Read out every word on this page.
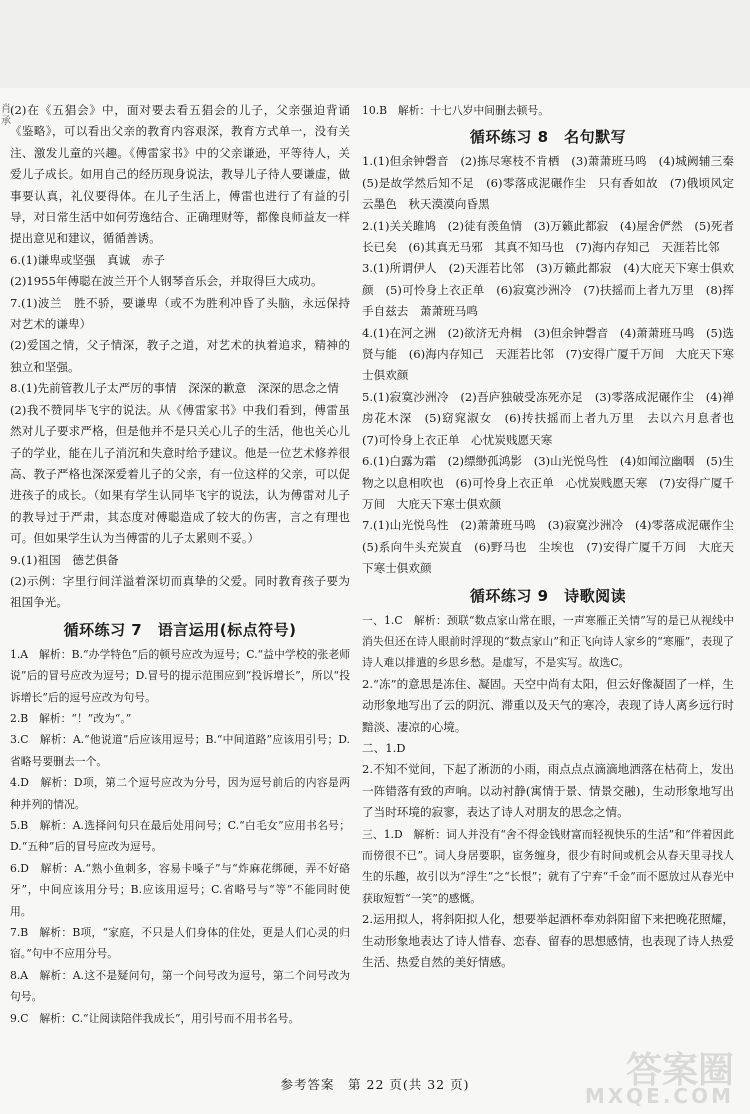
肖 承
(2)在《五猖会》中，面对要去看五猖会的儿子，父亲强迫背诵《鉴略》，可以看出父亲的教育内容艰深，教育方式单一，没有关注、激发儿童的兴趣。《傅雷家书》中的父亲谦逊，平等待人，关爱儿子成长。如用自己的经历现身说法，教导儿子待人要谦虚，做事要认真，礼仪要得体。在儿子生活上，傅雷也进行了有益的引导，对日常生活中如何劳逸结合、正确理财等，都像良师益友一样提出意见和建议，循循善诱。
6.(1)谦卑或坚强　真诚　赤子
(2)1955年傅聪在波兰开个人钢琴音乐会，并取得巨大成功。
7.(1)波兰　胜不骄，要谦卑（或不为胜利冲昏了头脑，永远保持对艺术的谦卑）
(2)爱国之情，父子情深，教子之道，对艺术的执着追求，精神的独立和坚强。
8.(1)先前管教儿子太严厉的事情　深深的歉意　深深的思念之情
(2)我不赞同毕飞宇的说法。从《傅雷家书》中我们看到，傅雷虽然对儿子要求严格，但是他并不是只关心儿子的生活，他也关心儿子的学业，能在儿子消沉和失意时给予建议。他是一位艺术修养很高、教子严格也深深爱着儿子的父亲，有一位这样的父亲，可以促进孩子的成长。（如果有学生认同毕飞宇的说法，认为傅雷对儿子的教导过于严肃，其态度对傅聪造成了较大的伤害，言之有理也可。但如果学生认为当傅雷的儿子太累则不妥。）
9.(1)祖国　德艺俱备
(2)示例：字里行间洋溢着深切而真挚的父爱。同时教育孩子要为祖国争光。
循环练习 7　语言运用(标点符号)
1.A　解析：B.“办学特色”后的顿号应改为逗号；C.“益中学校的张老师说”后的冒号应改为逗号；D.冒号的提示范围应到“投诉增长”，所以“投诉增长”后的逗号应改为句号。
2.B　解析：“！”改为“。”
3.C　解析：A.“他说道”后应该用逗号；B.“中间道路”应该用引号；D.省略号要删去一个。
4.D　解析：D项，第二个逗号应改为分号，因为逗号前后的内容是两种并列的情况。
5.B　解析：A.选择问句只在最后处用问号；C.“白毛女”应用书名号；D.“五种”后的冒号应改为逗号。
6.D　解析：A.“熟小鱼刺多，容易卡嗓子”与“炸麻花绑硬，弄不好硌牙”，中间应该用分号；B.应该用逗号；C.省略号与“等”不能同时使用。
7.B　解析：B项，“家庭，不只是人们身体的住处，更是人们心灵的归宿。”句中不应用分号。
8.A　解析：A.这不是疑问句，第一个问号改为逗号，第二个问号改为句号。
9.C　解析：C.“让阅读陪伴我成长”，用引号而不用书名号。
10.B　解析：十七八岁中间删去顿号。
循环练习 8　名句默写
1.(1)但余钟磬音　(2)拣尽寒枝不肯栖　(3)萧萧班马鸣　(4)城阙辅三秦　(5)是故学然后知不足　(6)零落成泥碾作尘　只有香如故　(7)俄顷风定云墨色　秋天漠漠向昏黑
2.(1)关关雎鸠　(2)徒有羡鱼情　(3)万籁此都寂　(4)屋舍俨然　(5)死者长已矣　(6)其真无马邪　其真不知马也　(7)海内存知己　天涯若比邻
3.(1)所谓伊人　(2)天涯若比邻　(3)万籁此都寂　(4)大庇天下寒士俱欢颜　(5)可怜身上衣正单　(6)寂寞沙洲冷　(7)扶摇而上者九万里　(8)挥手自兹去　萧萧班马鸣
4.(1)在河之洲　(2)欲济无舟楫　(3)但余钟磬音　(4)萧萧班马鸣　(5)选贤与能　(6)海内存知己　天涯若比邻　(7)安得广厦千万间　大庇天下寒士俱欢颜
5.(1)寂寞沙洲冷　(2)吾庐独破受冻死亦足　(3)零落成泥碾作尘　(4)禅房花木深　(5)窈窕淑女　(6)抟扶摇而上者九万里　去以六月息者也　(7)可怜身上衣正单　心忧炭贱愿天寒
6.(1)白露为霜　(2)缥缈孤鸿影　(3)山光悦鸟性　(4)如闻泣幽咽　(5)生物之以息相吹也　(6)可怜身上衣正单　心忧炭贱愿天寒　(7)安得广厦千万间　大庇天下寒士俱欢颜
7.(1)山光悦鸟性　(2)萧萧班马鸣　(3)寂寞沙洲冷　(4)零落成泥碾作尘　(5)系向牛头充炭直　(6)野马也　尘埃也　(7)安得广厦千万间　大庇天下寒士俱欢颜
循环练习 9　诗歌阅读
一、1.C　解析：颈联“数点家山常在眼，一声寒雁正关情”写的是已从视线中消失但还在诗人眼前时浮现的“数点家山”和正飞向诗人家乡的“寒雁”，表现了诗人难以排遣的乡思乡愁。是虚写，不是实写。故选C。
2.“冻”的意思是冻住、凝固。天空中尚有太阳，但云好像凝固了一样，生动形象地写出了云的阴沉、滞重以及天气的寒冷，表现了诗人离乡远行时黯淡、凄凉的心境。
二、1.D
2.不知不觉间，下起了淅沥的小雨，雨点点点滴滴地洒落在枯荷上，发出一阵错落有致的声响。以动衬静(寓情于景、情景交融)，生动形象地写出了当时环境的寂寥，表达了诗人对朋友的思念之情。
三、1.D　解析：词人并没有“舍不得金钱财富而轻视快乐的生活”和“伴着因此而傍很不已”。词人身居要职，宦务缠身，很少有时间或机会从春天里寻找人生的乐趣，故引以为“浮生”之“长恨”；就有了宁弃“千金”而不愿放过从春光中获取短暂“一笑”的感慨。
2.运用拟人，将斜阳拟人化，想要举起酒杯奉劝斜阳留下来把晚花照耀，生动形象地表达了诗人惜春、恋春、留春的思想感情，也表现了诗人热爱生活、热爱自然的美好情感。
参考答案　第 22 页(共 32 页)	答案圈
MXQE.COM
